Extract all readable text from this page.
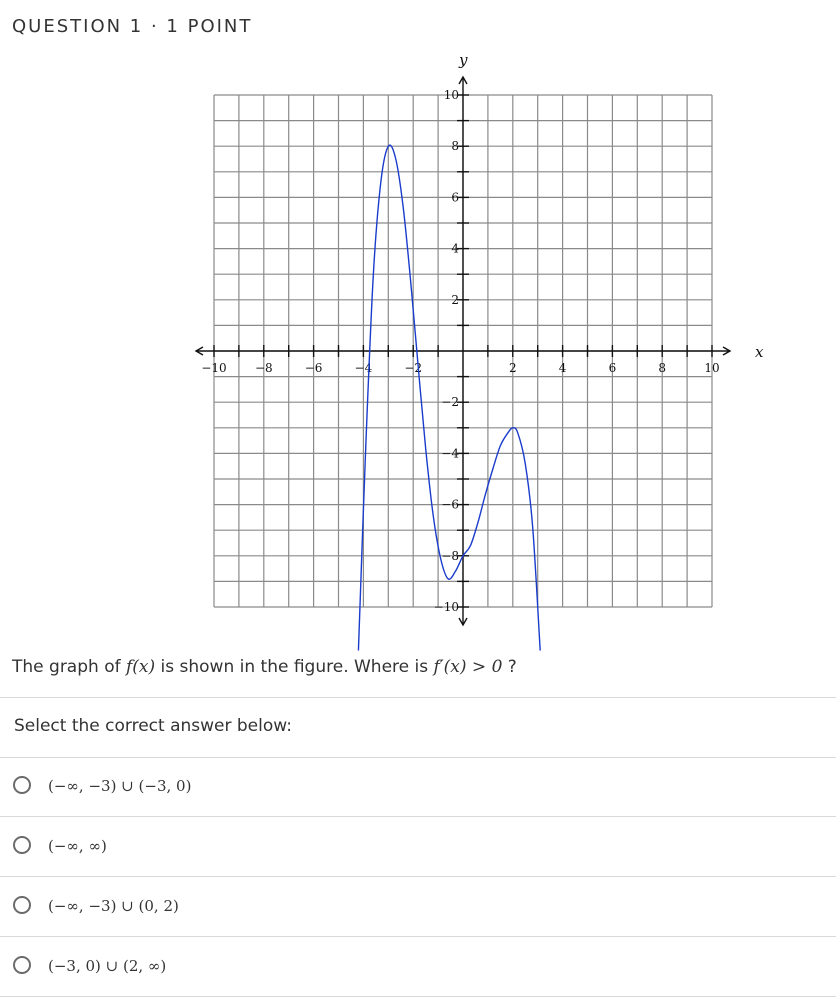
QUESTION 1 · 1 POINT
x
y
−10 −8	−6	−4	−2	2	4	6	8	10
10
8
6
4
2
−2
−4
−6
−8
−10
The graph of f(x) is shown in the figure. Where is f′(x) > 0 ?
Select the correct answer below:
(−∞, −3) ∪ (−3, 0)
(−∞, ∞)
(−∞, −3) ∪ (0, 2)
(−3, 0) ∪ (2, ∞)
